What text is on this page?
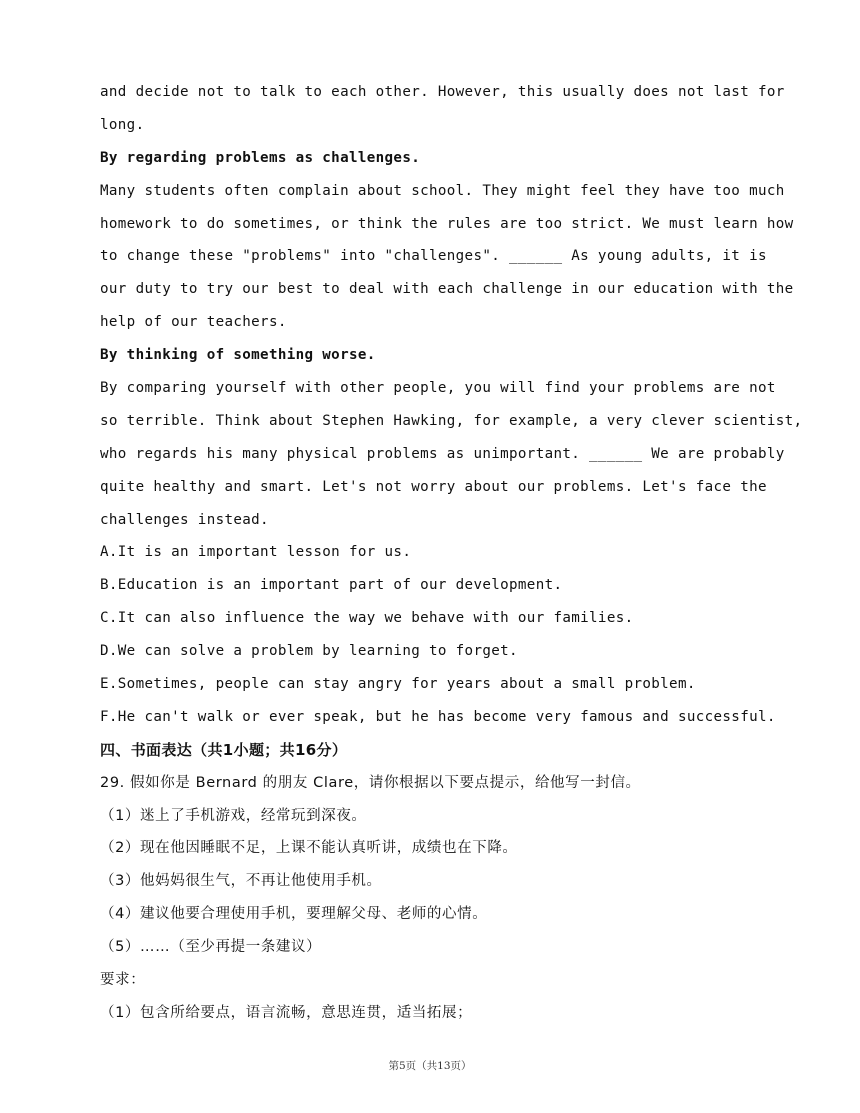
and decide not to talk to each other. However, this usually does not last for
long.
By regarding problems as challenges.
Many students often complain about school. They might feel they have too much
homework to do sometimes, or think the rules are too strict. We must learn how
to change these "problems" into "challenges". ______ As young adults, it is
our duty to try our best to deal with each challenge in our education with the
help of our teachers.
By thinking of something worse.
By comparing yourself with other people, you will find your problems are not
so terrible. Think about Stephen Hawking, for example, a very clever scientist,
who regards his many physical problems as unimportant. ______ We are probably
quite healthy and smart. Let's not worry about our problems. Let's face the
challenges instead.
A.It is an important lesson for us.
B.Education is an important part of our development.
C.It can also influence the way we behave with our families.
D.We can solve a problem by learning to forget.
E.Sometimes, people can stay angry for years about a small problem.
F.He can't walk or ever speak, but he has become very famous and successful.
四、书面表达（共1小题；共16分）
29. 假如你是 Bernard 的朋友 Clare，请你根据以下要点提示，给他写一封信。
（1）迷上了手机游戏，经常玩到深夜。
（2）现在他因睡眠不足，上课不能认真听讲，成绩也在下降。
（3）他妈妈很生气，不再让他使用手机。
（4）建议他要合理使用手机，要理解父母、老师的心情。
（5）……（至少再提一条建议）
要求：
（1）包含所给要点，语言流畅，意思连贯，适当拓展；
第5页（共13页）
